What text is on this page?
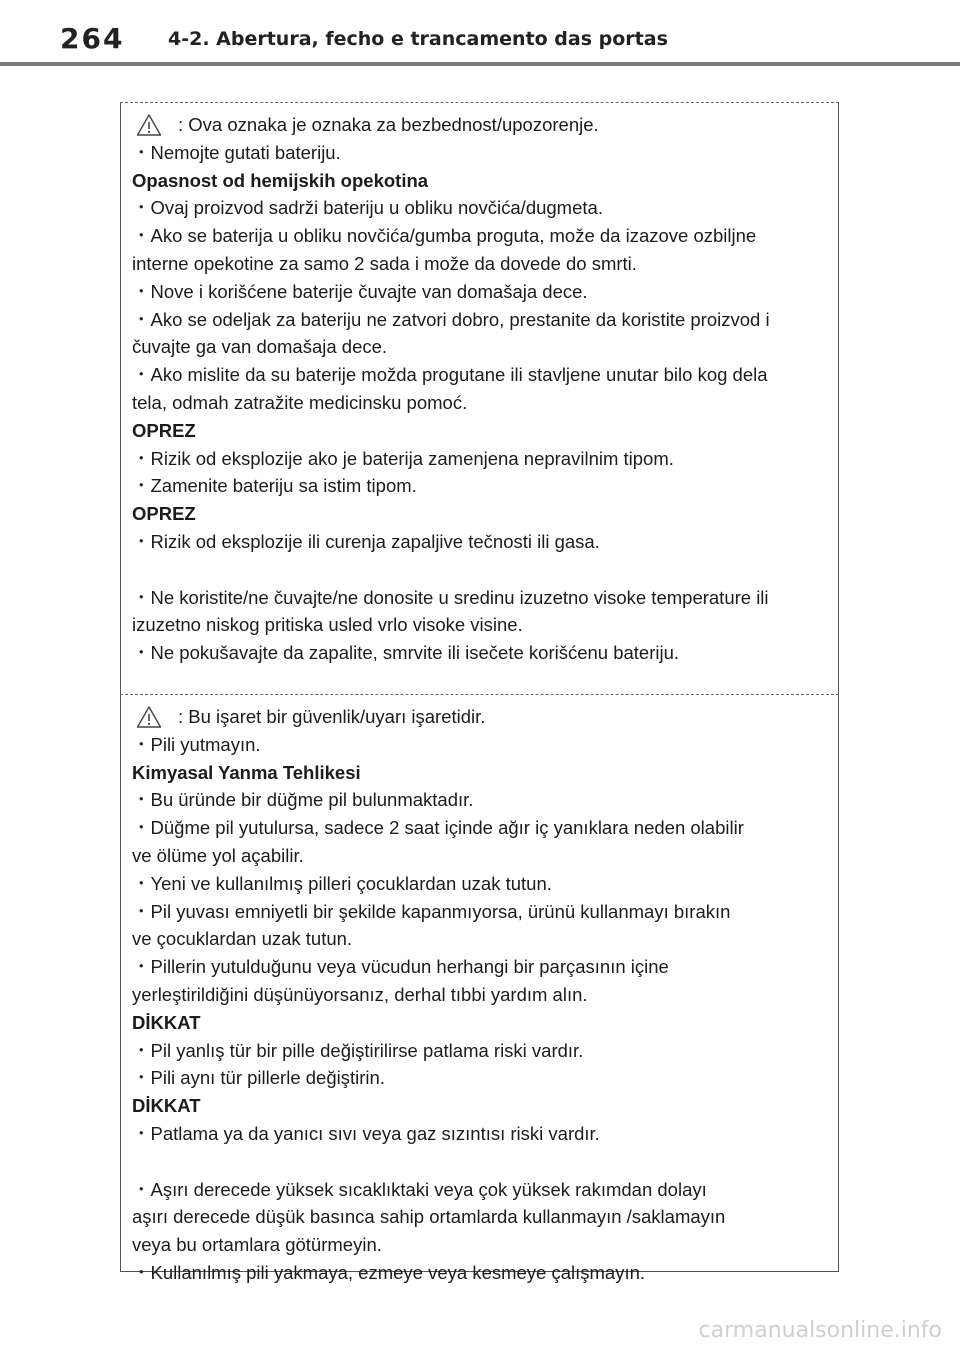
264 4-2. Abertura, fecho e trancamento das portas
: Ova oznaka je oznaka za bezbednost/upozorenje.
・Nemojte gutati bateriju.
Opasnost od hemijskih opekotina
・Ovaj proizvod sadrži bateriju u obliku novčića/dugmeta.
・Ako se baterija u obliku novčića/gumba proguta, može da izazove ozbiljne
interne opekotine za samo 2 sada i može da dovede do smrti.
・Nove i korišćene baterije čuvajte van domašaja dece.
・Ako se odeljak za bateriju ne zatvori dobro, prestanite da koristite proizvod i
čuvajte ga van domašaja dece.
・Ako mislite da su baterije možda progutane ili stavljene unutar bilo kog dela
tela, odmah zatražite medicinsku pomoć.
OPREZ
・Rizik od eksplozije ako je baterija zamenjena nepravilnim tipom.
・Zamenite bateriju sa istim tipom.
OPREZ
・Rizik od eksplozije ili curenja zapaljive tečnosti ili gasa.
・Ne koristite/ne čuvajte/ne donosite u sredinu izuzetno visoke temperature ili
izuzetno niskog pritiska usled vrlo visoke visine.
・Ne pokušavajte da zapalite, smrvite ili isečete korišćenu bateriju.
: Bu işaret bir güvenlik/uyarı işaretidir.
・Pili yutmayın.
Kimyasal Yanma Tehlikesi
・Bu üründe bir düğme pil bulunmaktadır.
・Düğme pil yutulursa, sadece 2 saat içinde ağır iç yanıklara neden olabilir
ve ölüme yol açabilir.
・Yeni ve kullanılmış pilleri çocuklardan uzak tutun.
・Pil yuvası emniyetli bir şekilde kapanmıyorsa, ürünü kullanmayı bırakın
ve çocuklardan uzak tutun.
・Pillerin yutulduğunu veya vücudun herhangi bir parçasının içine
yerleştirildiğini düşünüyorsanız, derhal tıbbi yardım alın.
DİKKAT
・Pil yanlış tür bir pille değiştirilirse patlama riski vardır.
・Pili aynı tür pillerle değiştirin.
DİKKAT
・Patlama ya da yanıcı sıvı veya gaz sızıntısı riski vardır.
・Aşırı derecede yüksek sıcaklıktaki veya çok yüksek rakımdan dolayı
aşırı derecede düşük basınca sahip ortamlarda kullanmayın /saklamayın
veya bu ortamlara götürmeyin.
・Kullanılmış pili yakmaya, ezmeye veya kesmeye çalışmayın.
carmanualsonline.info
